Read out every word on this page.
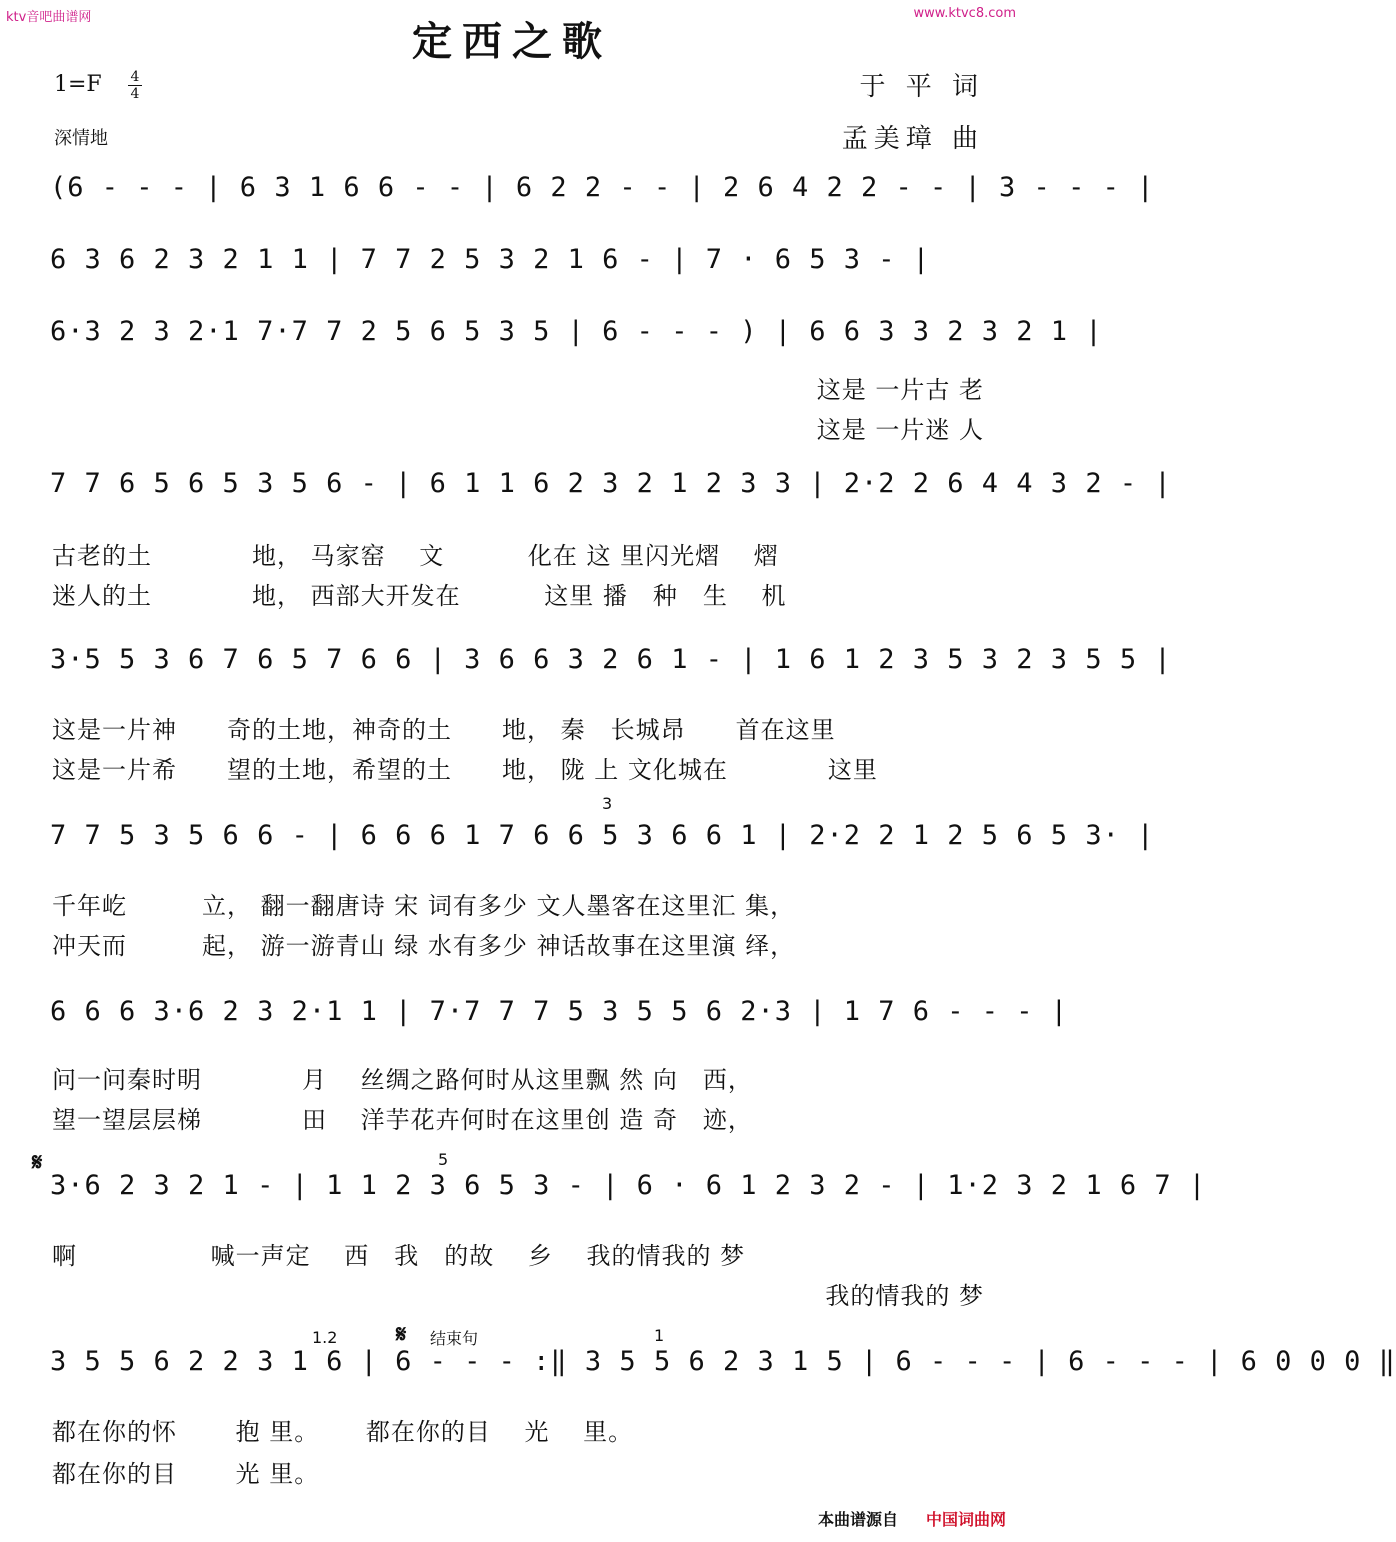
ktv音吧曲谱网	www.ktvc8.com
定西之歌
1=F 4
4	于 平 词
孟美璋 曲
深情地
(6 - - - | 6 3 1 6 6 - - | 6 2 2 - - | 2 6 4 2 2 - - | 3 - - - |
6 3 6 2 3 2 1 1 | 7 7 2 5 3 2 1 6 - | 7 · 6 5 3 - |
6·3 2 3 2·1 7·7 7 2 5 6 5 3 5 | 6 - - - ) | 6 6 3 3 2 3 2 1 |
这是 一片古 老
这是 一片迷 人
7 7 6 5 6 5 3 5 6 - | 6 1 1 6 2 3 2 1 2 3 3 | 2·2 2 6 4 4 3 2 - |
古老的土　　　　地， 马家窑　 文　　　 化在 这 里闪光熠　 熠
迷人的土　　　　地， 西部大开发在　　　 这里 播　种　生　 机
3·5 5 3 6 7 6 5 7 6 6 | 3 6 6 3 2 6 1 - | 1 6 1 2 3 5 3 2 3 5 5 |
这是一片神　　奇的土地，神奇的土　　地， 秦　长城昂　　首在这里
这是一片希　　望的土地，希望的土　　地， 陇 上 文化城在　　　　这里
3
7 7 5 3 5 6 6 - | 6 6 6 1 7 6 6 5 3 6 6 1 | 2·2 2 1 2 5 6 5 3· |
千年屹　　　立， 翻一翻唐诗 宋 词有多少 文人墨客在这里汇 集，
冲天而　　　起， 游一游青山 绿 水有多少 神话故事在这里演 绎，
6 6 6 3·6 2 3 2·1 1 | 7·7 7 7 5 3 5 5 6 2·3 | 1 7 6 - - - |
问一问秦时明　　　　月　 丝绸之路何时从这里飘 然 向　西，
望一望层层梯　　　　田　 洋芋花卉何时在这里创 造 奇　迹，
𝄋	5
3·6 2 3 2 1 - | 1 1 2 3 6 5 3 - | 6 · 6 1 2 3 2 - | 1·2 3 2 1 6 7 |
啊　　　　　 喊一声定　 西　我　的故　 乡　 我的情我的 梦
我的情我的 梦
1.2 𝄋 结束句	1
3 5 5 6 2 2 3 1 6 | 6 - - - :‖ 3 5 5 6 2 3 1 5 | 6 - - - | 6 - - - | 6 0 0 0 ‖
都在你的怀　　 抱 里。　　 都在你的目　 光　 里。
都在你的目　　 光 里。
本曲谱源自 中国词曲网
